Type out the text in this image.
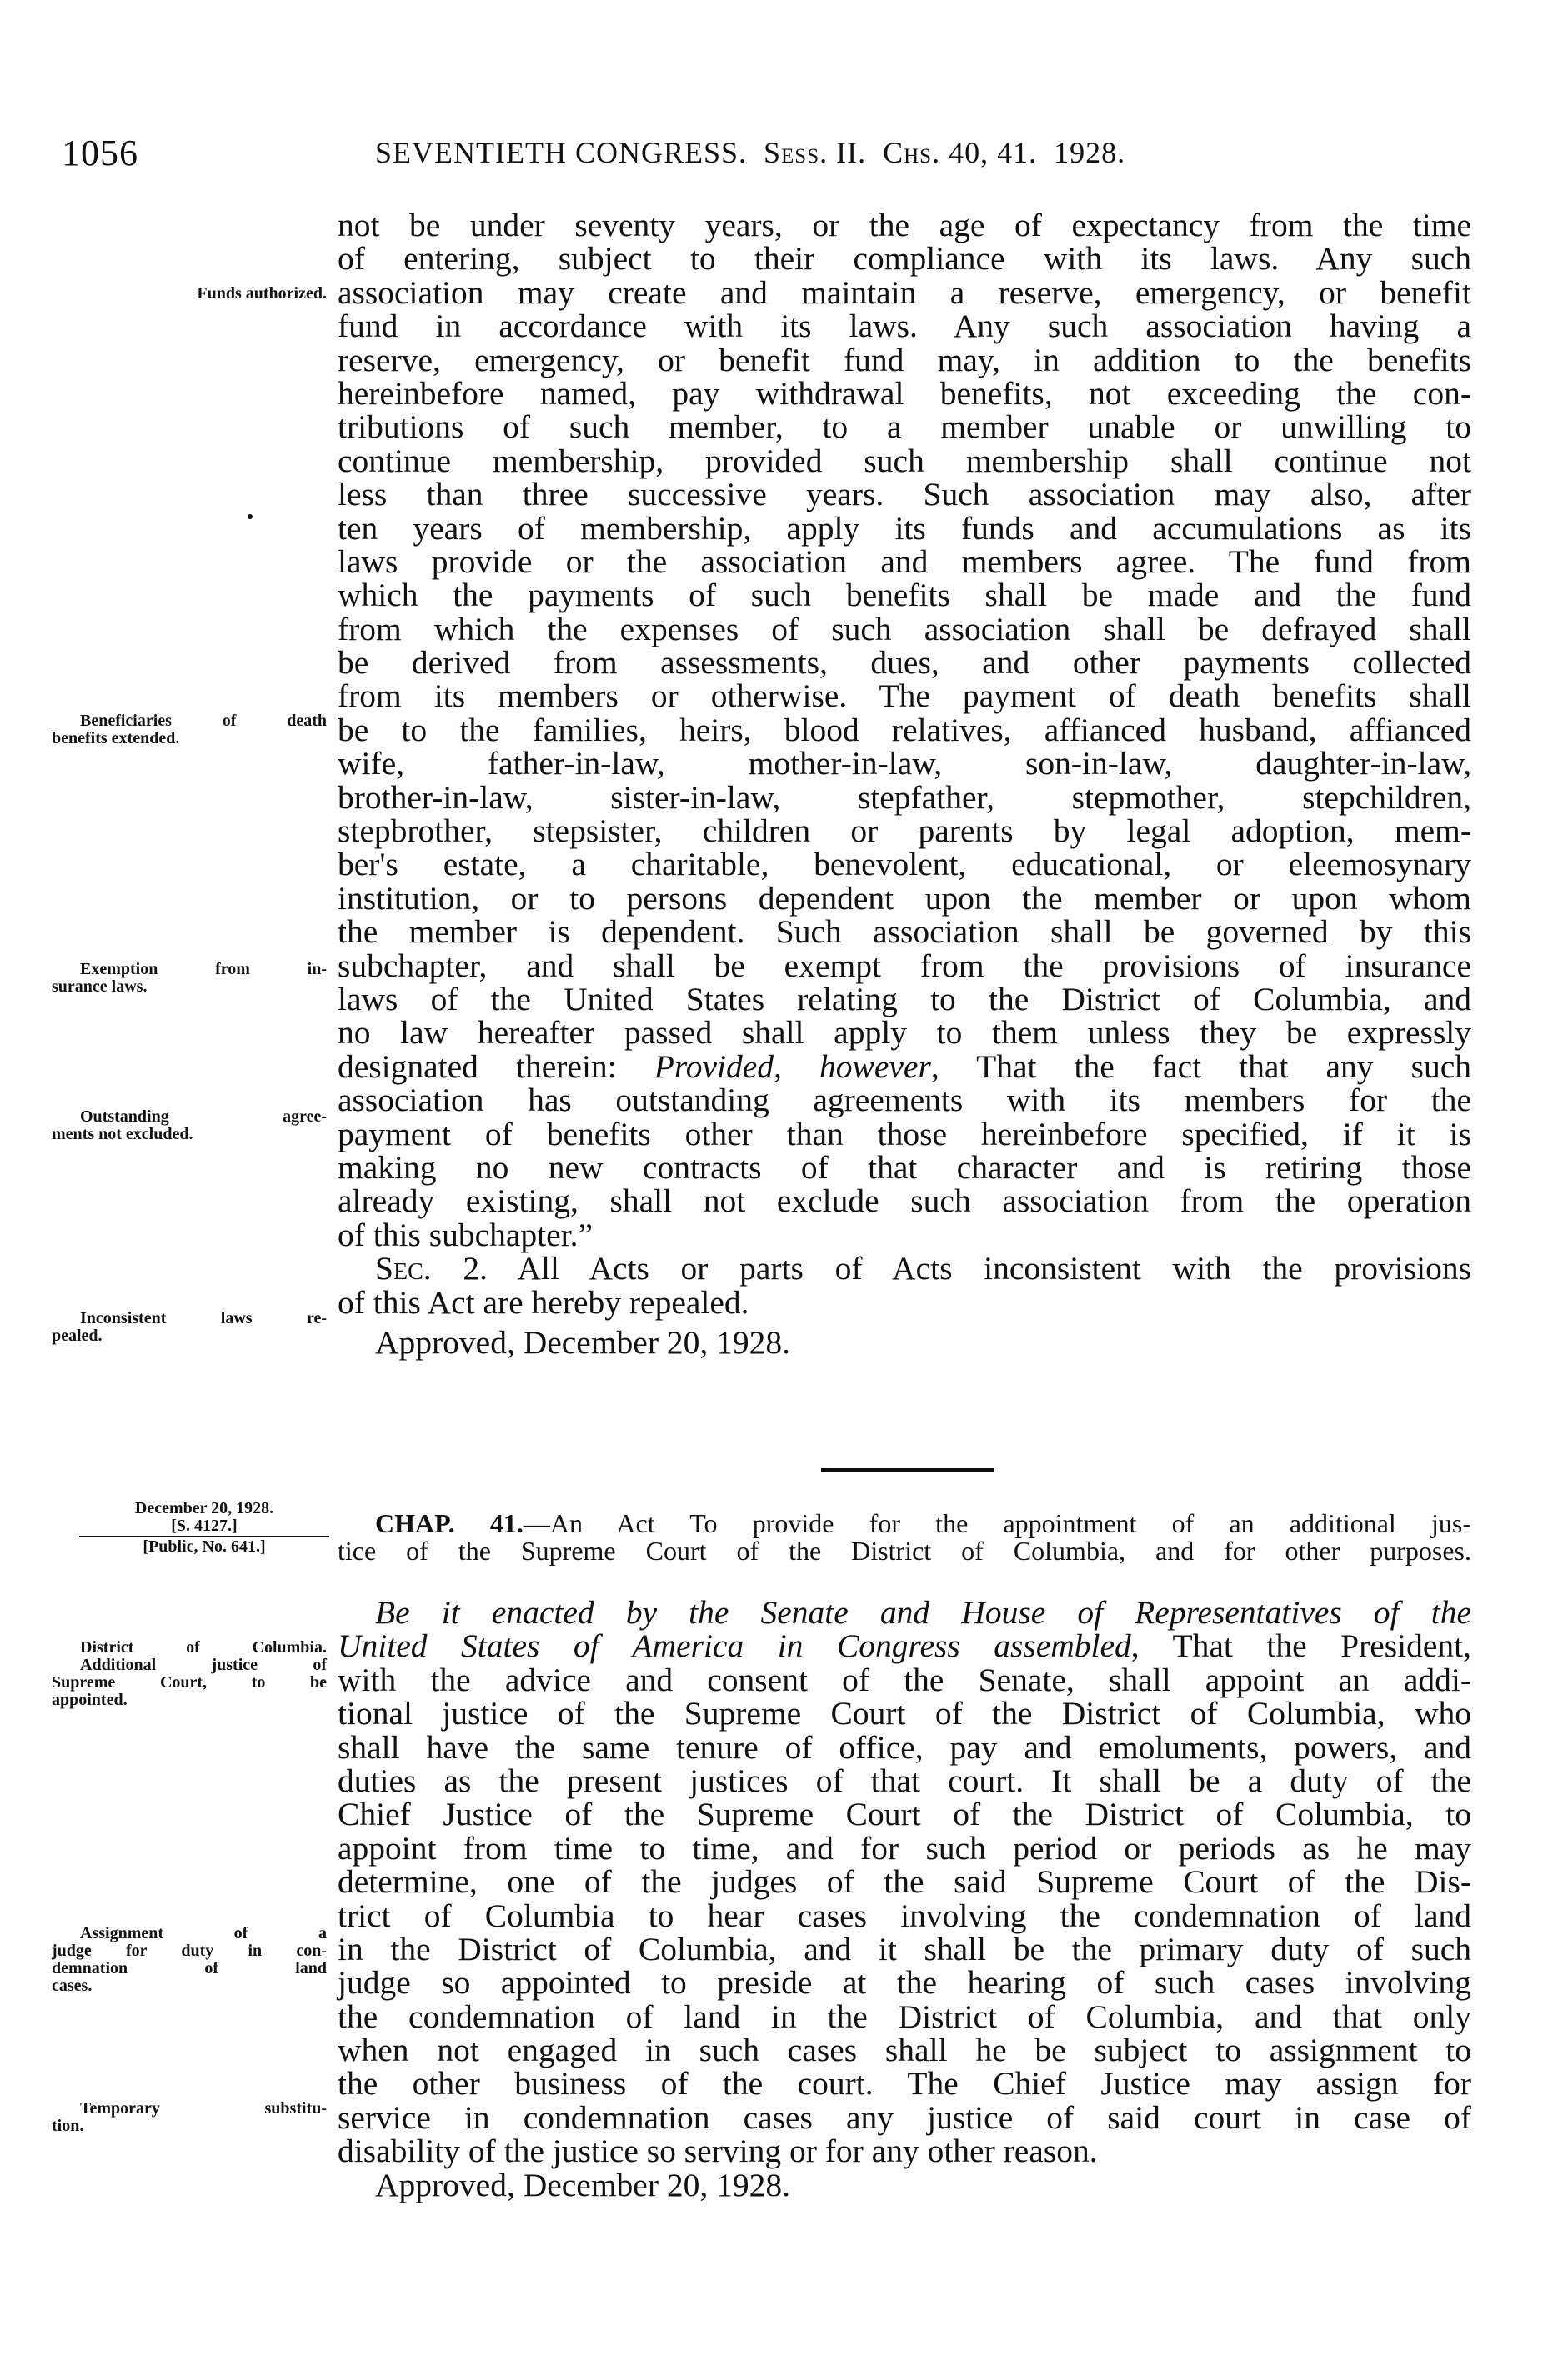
1056	SEVENTIETH CONGRESS. Sess. II. Chs. 40, 41. 1928.
Funds authorized.
Beneficiaries of death
benefits extended.
Exemption from in-
surance laws.
Outstanding agree-
ments not excluded.
Inconsistent laws re-
pealed.
December 20, 1928.
[S. 4127.]
[Public, No. 641.]
District of Columbia.
Additional justice of
Supreme Court, to be
appointed.
Assignment of a
judge for duty in con-
demnation of land
cases.
Temporary substitu-
tion.
not be under seventy years, or the age of expectancy from the time
of entering, subject to their compliance with its laws. Any such
association may create and maintain a reserve, emergency, or benefit
fund in accordance with its laws. Any such association having a
reserve, emergency, or benefit fund may, in addition to the benefits
hereinbefore named, pay withdrawal benefits, not exceeding the con-
tributions of such member, to a member unable or unwilling to
continue membership, provided such membership shall continue not
less than three successive years. Such association may also, after
ten years of membership, apply its funds and accumulations as its
laws provide or the association and members agree. The fund from
which the payments of such benefits shall be made and the fund
from which the expenses of such association shall be defrayed shall
be derived from assessments, dues, and other payments collected
from its members or otherwise. The payment of death benefits shall
be to the families, heirs, blood relatives, affianced husband, affianced
wife, father-in-law, mother-in-law, son-in-law, daughter-in-law,
brother-in-law, sister-in-law, stepfather, stepmother, stepchildren,
stepbrother, stepsister, children or parents by legal adoption, mem-
ber's estate, a charitable, benevolent, educational, or eleemosynary
institution, or to persons dependent upon the member or upon whom
the member is dependent. Such association shall be governed by this
subchapter, and shall be exempt from the provisions of insurance
laws of the United States relating to the District of Columbia, and
no law hereafter passed shall apply to them unless they be expressly
designated therein: Provided, however, That the fact that any such
association has outstanding agreements with its members for the
payment of benefits other than those hereinbefore specified, if it is
making no new contracts of that character and is retiring those
already existing, shall not exclude such association from the operation
of this subchapter.”
Sec. 2. All Acts or parts of Acts inconsistent with the provisions
of this Act are hereby repealed.
Approved, December 20, 1928.
CHAP. 41.—An Act To provide for the appointment of an additional jus-
tice of the Supreme Court of the District of Columbia, and for other purposes.
Be it enacted by the Senate and House of Representatives of the
United States of America in Congress assembled, That the President,
with the advice and consent of the Senate, shall appoint an addi-
tional justice of the Supreme Court of the District of Columbia, who
shall have the same tenure of office, pay and emoluments, powers, and
duties as the present justices of that court. It shall be a duty of the
Chief Justice of the Supreme Court of the District of Columbia, to
appoint from time to time, and for such period or periods as he may
determine, one of the judges of the said Supreme Court of the Dis-
trict of Columbia to hear cases involving the condemnation of land
in the District of Columbia, and it shall be the primary duty of such
judge so appointed to preside at the hearing of such cases involving
the condemnation of land in the District of Columbia, and that only
when not engaged in such cases shall he be subject to assignment to
the other business of the court. The Chief Justice may assign for
service in condemnation cases any justice of said court in case of
disability of the justice so serving or for any other reason.
Approved, December 20, 1928.
